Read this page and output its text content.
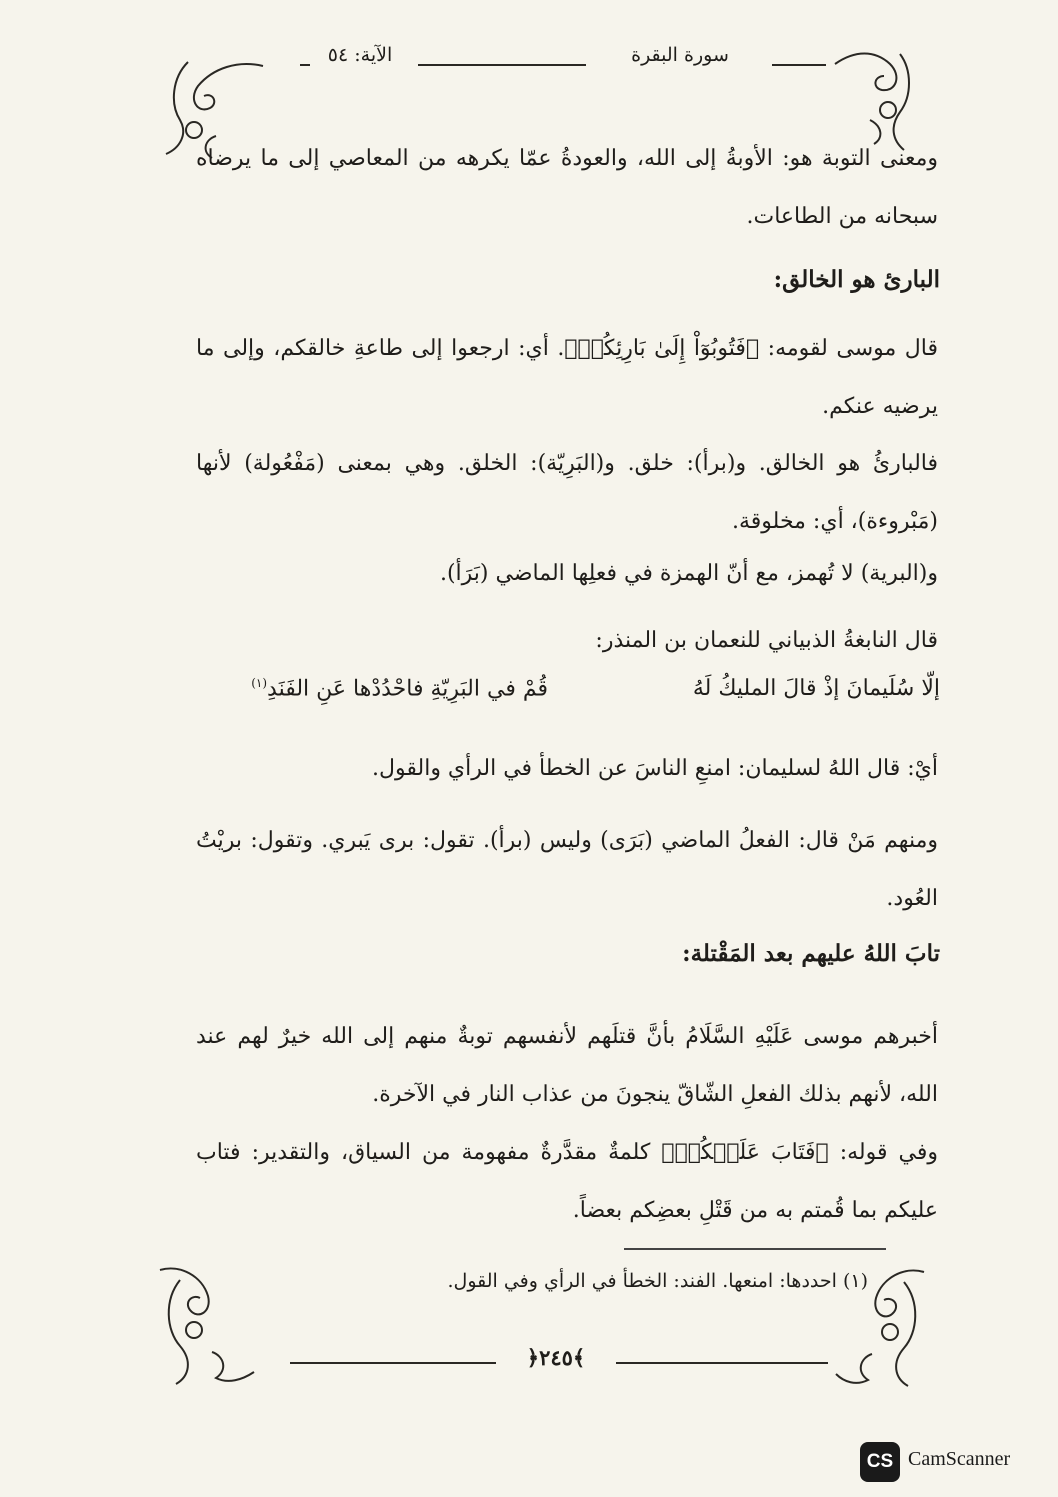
سورة البقرة
الآية: ٥٤
ومعنى التوبة هو: الأوبةُ إلى الله، والعودةُ عمّا يكرهه من المعاصي إلى ما يرضاه سبحانه من الطاعات.
البارئ هو الخالق:
قال موسى لقومه: ﴿فَتُوبُوٓاْ إِلَىٰ بَارِئِكُمۡ﴾. أي: ارجعوا إلى طاعةِ خالقكم، وإلى ما يرضيه عنكم.
فالبارئُ هو الخالق. و(برأ): خلق. و(البَرِيّة): الخلق. وهي بمعنى (مَفْعُولة) لأنها (مَبْروءة)، أي: مخلوقة.
و(البرية) لا تُهمز، مع أنّ الهمزة في فعلِها الماضي (بَرَأ).
قال النابغةُ الذبياني للنعمان بن المنذر:
إلّا سُلَيمانَ إذْ قالَ المليكُ لَهُ
قُمْ في البَرِيّةِ فاحْدُدْها عَنِ الفَنَدِ$^{(١)}$
أيْ: قال اللهُ لسليمان: امنعِ الناسَ عن الخطأ في الرأي والقول.
ومنهم مَنْ قال: الفعلُ الماضي (بَرَى) وليس (برأ). تقول: برى يَبري. وتقول: بريْتُ العُود.
تابَ اللهُ عليهم بعد المَقْتلة:
أخبرهم موسى عَلَيْهِ السَّلَامُ بأنَّ قتلَهم لأنفسهم توبةٌ منهم إلى الله خيرٌ لهم عند الله، لأنهم بذلك الفعلِ الشّاقّ ينجونَ من عذاب النار في الآخرة.
وفي قوله: ﴿فَتَابَ عَلَيۡكُمۡ﴾ كلمةٌ مقدَّرةٌ مفهومة من السياق، والتقدير: فتاب عليكم بما قُمتم به من قَتْلِ بعضِكم بعضاً.
(١) احددها: امنعها. الفند: الخطأ في الرأي وفي القول.
﴿٢٤٥﴾
CS CamScanner
